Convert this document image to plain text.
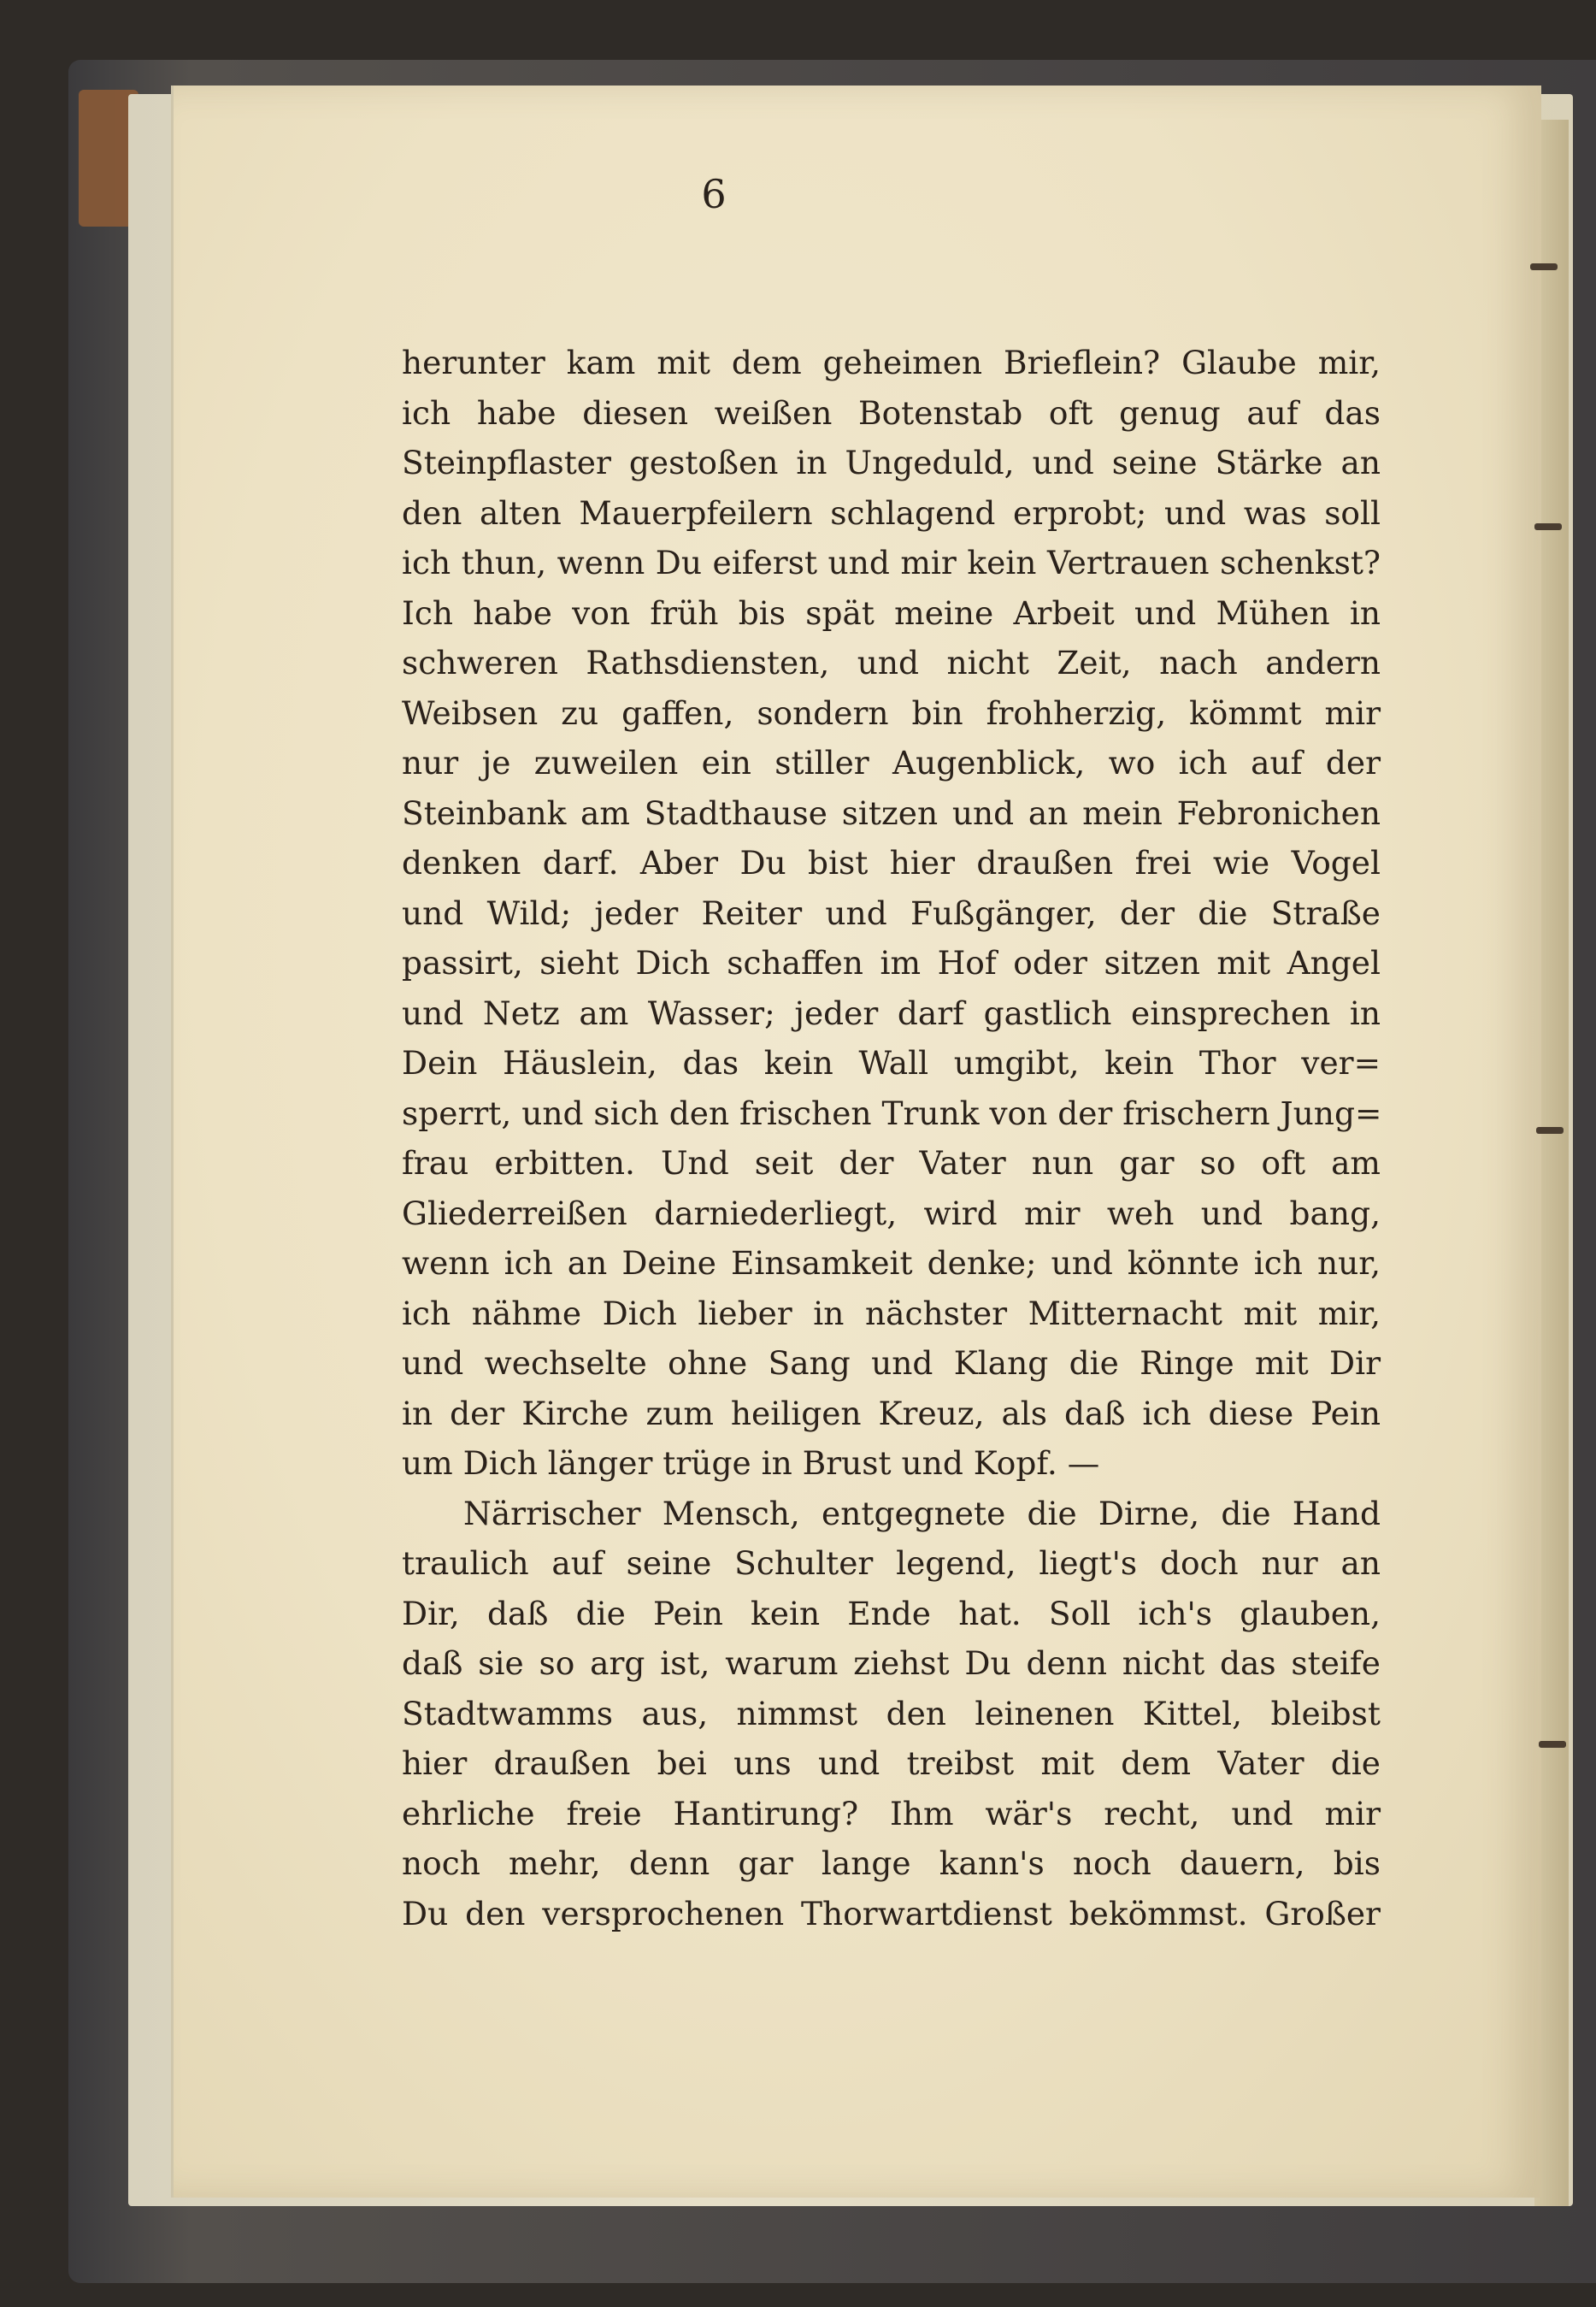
6
herunter kam mit dem geheimen Brieflein? Glaube mir,
ich habe diesen weißen Botenstab oft genug auf das
Steinpflaster gestoßen in Ungeduld, und seine Stärke an
den alten Mauerpfeilern schlagend erprobt; und was soll
ich thun, wenn Du eiferst und mir kein Vertrauen schenkst?
Ich habe von früh bis spät meine Arbeit und Mühen in
schweren Rathsdiensten, und nicht Zeit, nach andern
Weibsen zu gaffen, sondern bin frohherzig, kömmt mir
nur je zuweilen ein stiller Augenblick, wo ich auf der
Steinbank am Stadthause sitzen und an mein Febronichen
denken darf. Aber Du bist hier draußen frei wie Vogel
und Wild; jeder Reiter und Fußgänger, der die Straße
passirt, sieht Dich schaffen im Hof oder sitzen mit Angel
und Netz am Wasser; jeder darf gastlich einsprechen in
Dein Häuslein, das kein Wall umgibt, kein Thor ver=
sperrt, und sich den frischen Trunk von der frischern Jung=
frau erbitten. Und seit der Vater nun gar so oft am
Gliederreißen darniederliegt, wird mir weh und bang,
wenn ich an Deine Einsamkeit denke; und könnte ich nur,
ich nähme Dich lieber in nächster Mitternacht mit mir,
und wechselte ohne Sang und Klang die Ringe mit Dir
in der Kirche zum heiligen Kreuz, als daß ich diese Pein
um Dich länger trüge in Brust und Kopf. —
Närrischer Mensch, entgegnete die Dirne, die Hand
traulich auf seine Schulter legend, liegt's doch nur an
Dir, daß die Pein kein Ende hat. Soll ich's glauben,
daß sie so arg ist, warum ziehst Du denn nicht das steife
Stadtwamms aus, nimmst den leinenen Kittel, bleibst
hier draußen bei uns und treibst mit dem Vater die
ehrliche freie Hantirung? Ihm wär's recht, und mir
noch mehr, denn gar lange kann's noch dauern, bis
Du den versprochenen Thorwartdienst bekömmst. Großer
